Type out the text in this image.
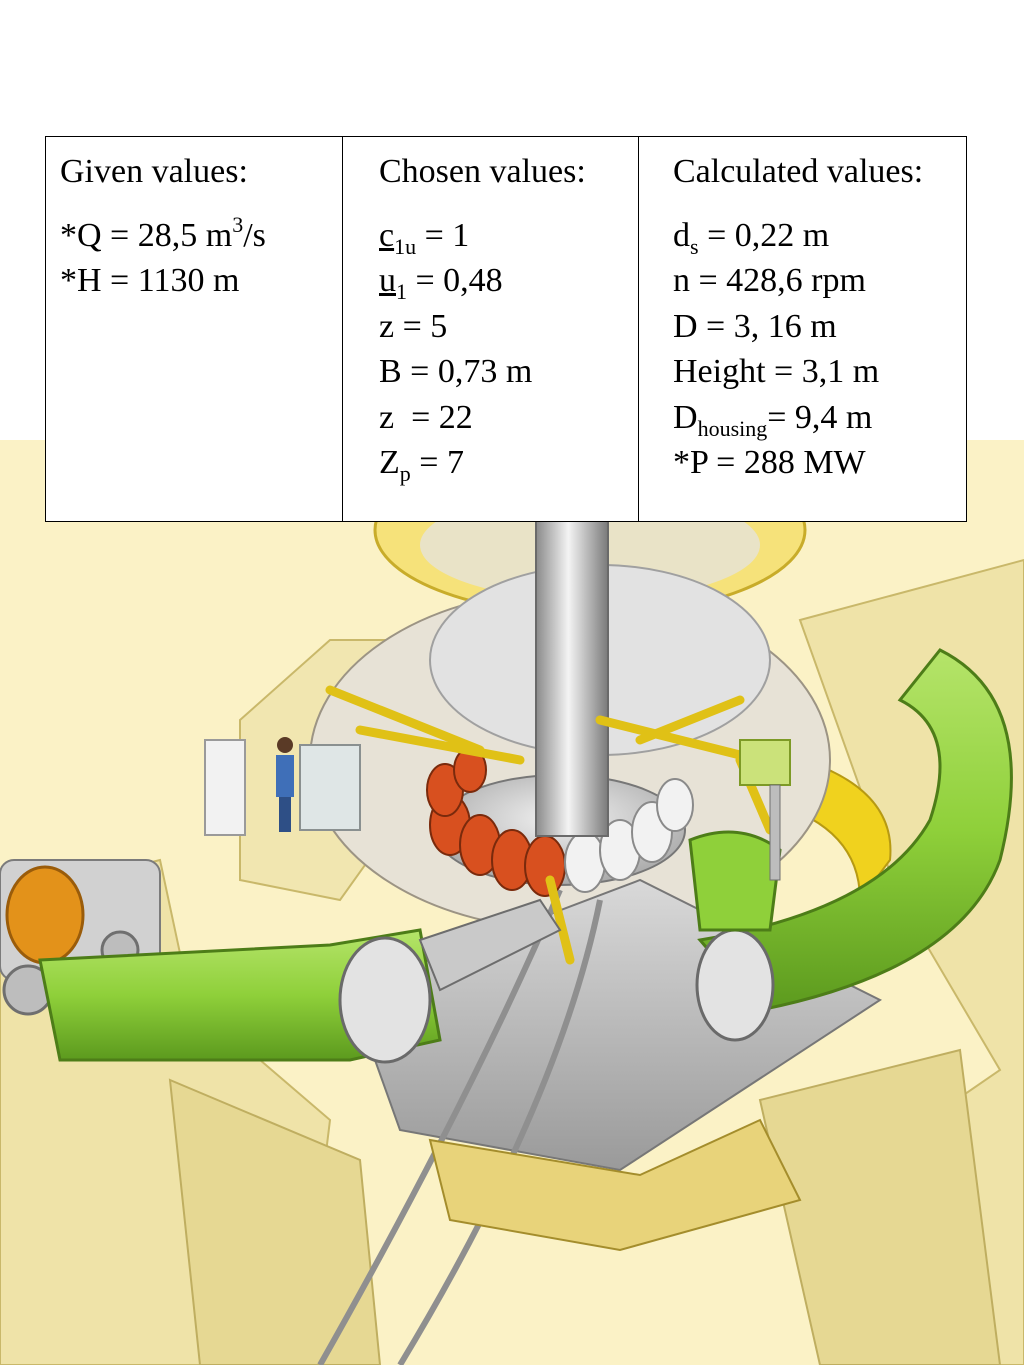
Given values:
*Q = 28,5 $m^3/s$
*H = 1130 m

Chosen values:
$c_{1u} = 1$
$u_1 = 0,48$
z = 5
B = 0,73 m
z  = 22
$Z_p = 7$

Calculated values:
$d_s = 0,22$ m
n = 428,6 rpm
D = 3, 16 m
Height = 3,1 m
$D_{housing}= 9,4$ m
*P = 288 MW
